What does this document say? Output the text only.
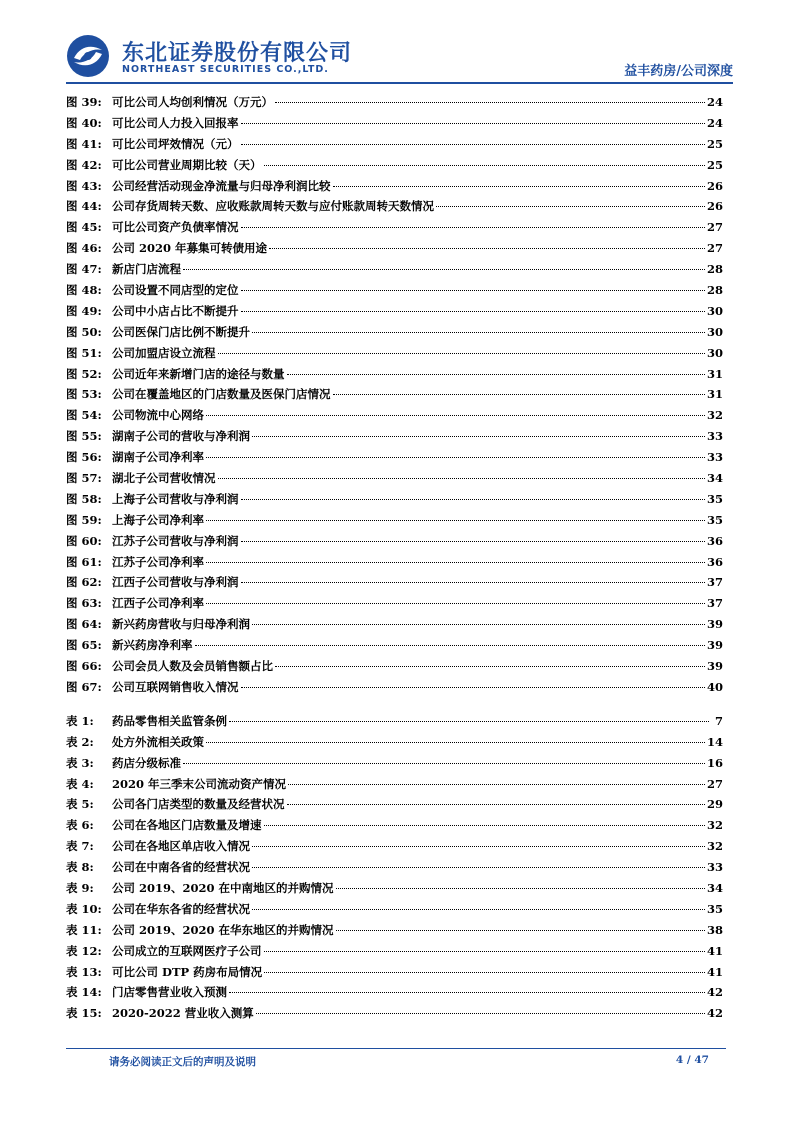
东北证券股份有限公司
NORTHEAST SECURITIES CO.,LTD.	益丰药房/公司深度
图 39: 可比公司人均创利情况（万元）	24
图 40: 可比公司人力投入回报率	24
图 41: 可比公司坪效情况（元）	25
图 42: 可比公司营业周期比较（天）	25
图 43: 公司经营活动现金净流量与归母净利润比较	26
图 44: 公司存货周转天数、应收账款周转天数与应付账款周转天数情况	26
图 45: 可比公司资产负债率情况	27
图 46: 公司 2020 年募集可转债用途	27
图 47: 新店门店流程	28
图 48: 公司设置不同店型的定位	28
图 49: 公司中小店占比不断提升	30
图 50: 公司医保门店比例不断提升	30
图 51: 公司加盟店设立流程	30
图 52: 公司近年来新增门店的途径与数量	31
图 53: 公司在覆盖地区的门店数量及医保门店情况	31
图 54: 公司物流中心网络	32
图 55: 湖南子公司的营收与净利润	33
图 56: 湖南子公司净利率	33
图 57: 湖北子公司营收情况	34
图 58: 上海子公司营收与净利润	35
图 59: 上海子公司净利率	35
图 60: 江苏子公司营收与净利润	36
图 61: 江苏子公司净利率	36
图 62: 江西子公司营收与净利润	37
图 63: 江西子公司净利率	37
图 64: 新兴药房营收与归母净利润	39
图 65: 新兴药房净利率	39
图 66: 公司会员人数及会员销售额占比	39
图 67: 公司互联网销售收入情况	40
表 1:	药品零售相关监管条例	7
表 2:	处方外流相关政策	14
表 3:	药店分级标准	16
表 4:	2020 年三季末公司流动资产情况	27
表 5:	公司各门店类型的数量及经营状况	29
表 6:	公司在各地区门店数量及增速	32
表 7:	公司在各地区单店收入情况	32
表 8:	公司在中南各省的经营状况	33
表 9:	公司 2019、2020 在中南地区的并购情况	34
表 10: 公司在华东各省的经营状况	35
表 11: 公司 2019、2020 在华东地区的并购情况	38
表 12: 公司成立的互联网医疗子公司	41
表 13: 可比公司 DTP 药房布局情况	41
表 14: 门店零售营业收入预测	42
表 15: 2020-2022 营业收入测算	42
请务必阅读正文后的声明及说明	4 / 47
